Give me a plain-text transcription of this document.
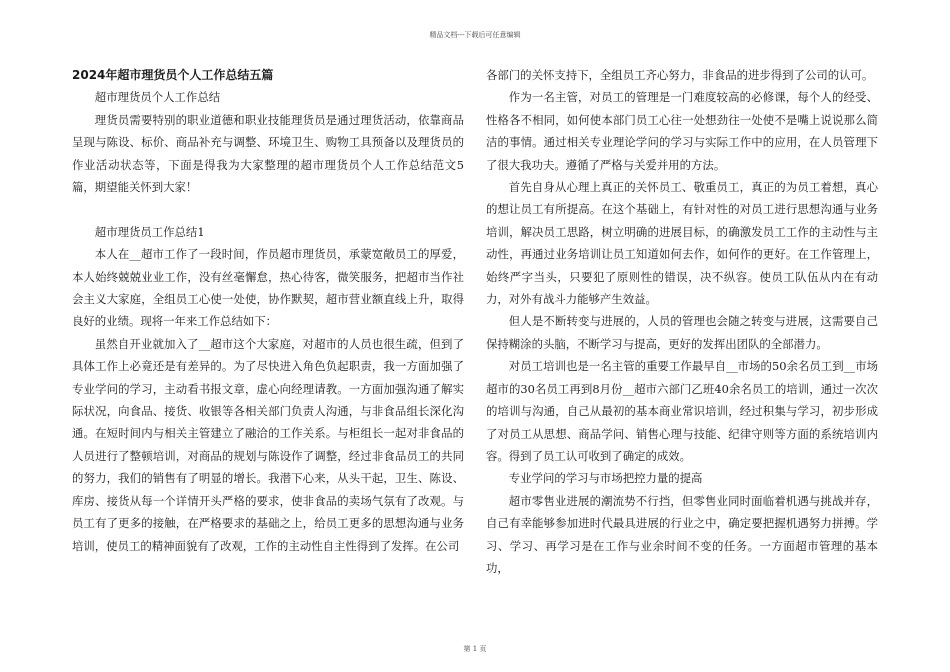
精品文档---下载后可任意编辑
2024年超市理货员个人工作总结五篇

超市理货员个人工作总结

理货员需要特别的职业道德和职业技能理货员是通过理货活动，依靠商品呈现与陈设、标价、商品补充与调整、环境卫生、购物工具预备以及理货员的作业活动状态等，下面是得我为大家整理的超市理货员个人工作总结范文5篇，期望能关怀到大家！

超市理货员工作总结1

本人在__超市工作了一段时间，作员超市理货员，承蒙宽敞员工的厚爱，本人始终兢兢业业工作，没有丝毫懈怠，热心待客，微笑服务，把超市当作社会主义大家庭，全组员工心使一处使，协作默契，超市营业额直线上升，取得良好的业绩。现将一年来工作总结如下：

虽然自开业就加入了__超市这个大家庭，对超市的人员也很生疏，但到了具体工作上必竟还是有差异的。为了尽快进入角色负起职责，我一方面加强了专业学问的学习，主动看书报文章，虚心向经理请教。一方面加强沟通了解实际状况，向食品、接货、收银等各相关部门负责人沟通，与非食品组长深化沟通。在短时间内与相关主管建立了融洽的工作关系。与柜组长一起对非食品的人员进行了整顿培训，对商品的规划与陈设作了调整，经过非食品员工的共同的努力，我们的销售有了明显的增长。我潜下心来，从头干起，卫生、陈设、库房、接货从每一个详情开头严格的要求，使非食品的卖场气氛有了改观。与员工有了更多的接触，在严格要求的基础之上，给员工更多的思想沟通与业务培训，使员工的精神面貌有了改观，工作的主动性自主性得到了发挥。在公司

各部门的关怀支持下，全组员工齐心努力，非食品的进步得到了公司的认可。

作为一名主管，对员工的管理是一门难度较高的必修课，每个人的经受、性格各不相同，如何使本部门员工心往一处想劲往一处使不是嘴上说说那么简洁的事情。通过相关专业理论学问的学习与实际工作中的应用，在人员管理下了很大我功夫。遵循了严格与关爱并用的方法。

首先自身从心理上真正的关怀员工、敬重员工，真正的为员工着想，真心的想让员工有所提高。在这个基础上，有针对性的对员工进行思想沟通与业务培训，解决员工思路，树立明确的进展目标，的确激发员工工作的主动性与主动性，再通过业务培训让员工知道如何去作，如何作的更好。在工作管理上，始终严字当头，只要犯了原则性的错误，决不纵容。使员工队伍从内在有动力，对外有战斗力能够产生效益。

但人是不断转变与进展的，人员的管理也会随之转变与进展，这需要自己保持糊涂的头脑，不断学习与提高，更好的发挥出团队的全部潜力。

对员工培训也是一名主管的重要工作最早自__市场的50余名员工到__市场超市的30名员工再到8月份__超市六部门乙班40余名员工的培训，通过一次次的培训与沟通，自己从最初的基本商业常识培训，经过积集与学习，初步形成了对员工从思想、商品学问、销售心理与技能、纪律守则等方面的系统培训内容。得到了员工认可收到了确定的成效。

专业学问的学习与市场把控力量的提高

超市零售业进展的潮流势不行挡，但零售业同时面临着机遇与挑战并存，自己有幸能够参加进时代最具进展的行业之中，确定要把握机遇努力拼搏。学习、学习、再学习是在工作与业余时间不变的任务。一方面超市管理的基本功，

第 1 页
